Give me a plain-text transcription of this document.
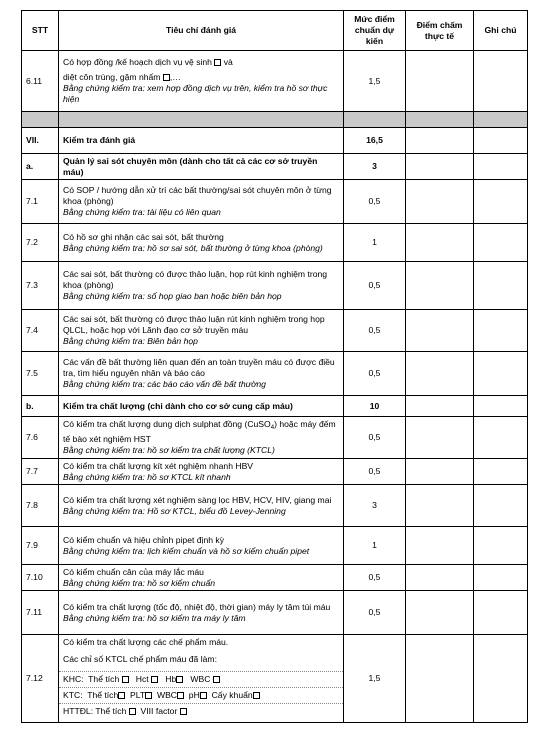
STT	Tiêu chí đánh giá	Mức điểm chuẩn dự kiến	Điểm chấm thực tế	Ghi chú
6.11	Có hợp đồng /kế hoạch dịch vụ vệ sinh và
diệt côn trùng, gặm nhấm ,…
Bằng chứng kiểm tra: xem hợp đồng dịch vụ trên, kiểm tra hồ sơ thực hiện	1,5		

VII.	Kiểm tra đánh giá	16,5		
a.	Quản lý sai sót chuyên môn (dành cho tất cả các cơ sở truyền máu)	3		
7.1	Có SOP / hướng dẫn xử trí các bất thường/sai sót chuyên môn ở từng khoa (phòng)
Bằng chứng kiểm tra: tài liệu có liên quan	0,5		
7.2	Có hồ sơ ghi nhận các sai sót, bất thường
Bằng chứng kiểm tra: hồ sơ sai sót, bất thường ở từng khoa (phòng)	1		
7.3	Các sai sót, bất thường có được thảo luận, họp rút kinh nghiệm trong khoa (phòng)
Bằng chứng kiểm tra: sổ họp giao ban hoặc biên bản họp	0,5		
7.4	Các sai sót, bất thường có được thảo luận rút kinh nghiệm trong họp QLCL, hoặc họp với Lãnh đạo cơ sở truyền máu
Bằng chứng kiểm tra: Biên bản họp	0,5		
7.5	Các vấn đề bất thường liên quan đến an toàn truyền máu có được điều tra, tìm hiểu nguyên nhân và báo cáo
Bằng chứng kiểm tra: các báo cáo vấn đề bất thường	0,5		
b.	Kiểm tra chất lượng (chỉ dành cho cơ sở cung cấp máu)	10		
7.6	Có kiểm tra chất lượng dung dịch sulphat đồng (CuSO$_4$) hoặc máy đếm tế bào xét nghiệm HST
Bằng chứng kiểm tra: hồ sơ kiểm tra chất lượng (KTCL)	0,5		
7.7	Có kiểm tra chất lượng kít xét nghiệm nhanh HBV
Bằng chứng kiểm tra: hồ sơ KTCL kít nhanh	0,5		
7.8	Có kiểm tra chất lượng xét nghiệm sàng lọc HBV, HCV, HIV, giang mai
Bằng chứng kiểm tra: Hồ sơ KTCL, biểu đồ Levey-Jenning	3		
7.9	Có kiểm chuẩn và hiệu chỉnh pipet định kỳ
Bằng chứng kiểm tra: lịch kiểm chuẩn và hồ sơ kiểm chuẩn pipet	1		
7.10	Có kiểm chuẩn cân của máy lắc máu
Bằng chứng kiểm tra: hồ sơ kiểm chuẩn	0,5		
7.11	Có kiểm tra chất lượng (tốc độ, nhiệt độ, thời gian) máy ly tâm túi máu
Bằng chứng kiểm tra: hồ sơ kiểm tra máy ly tâm	0,5		
7.12	Có kiểm tra chất lượng các chế phẩm máu.
Các chỉ số KTCL chế phẩm máu đã làm:
KHC: Thể tích Hct Hb WBC
KTC: Thể tích PLT WBC pH Cấy khuẩn
HTTĐL: Thể tích VIII factor	1,5		
